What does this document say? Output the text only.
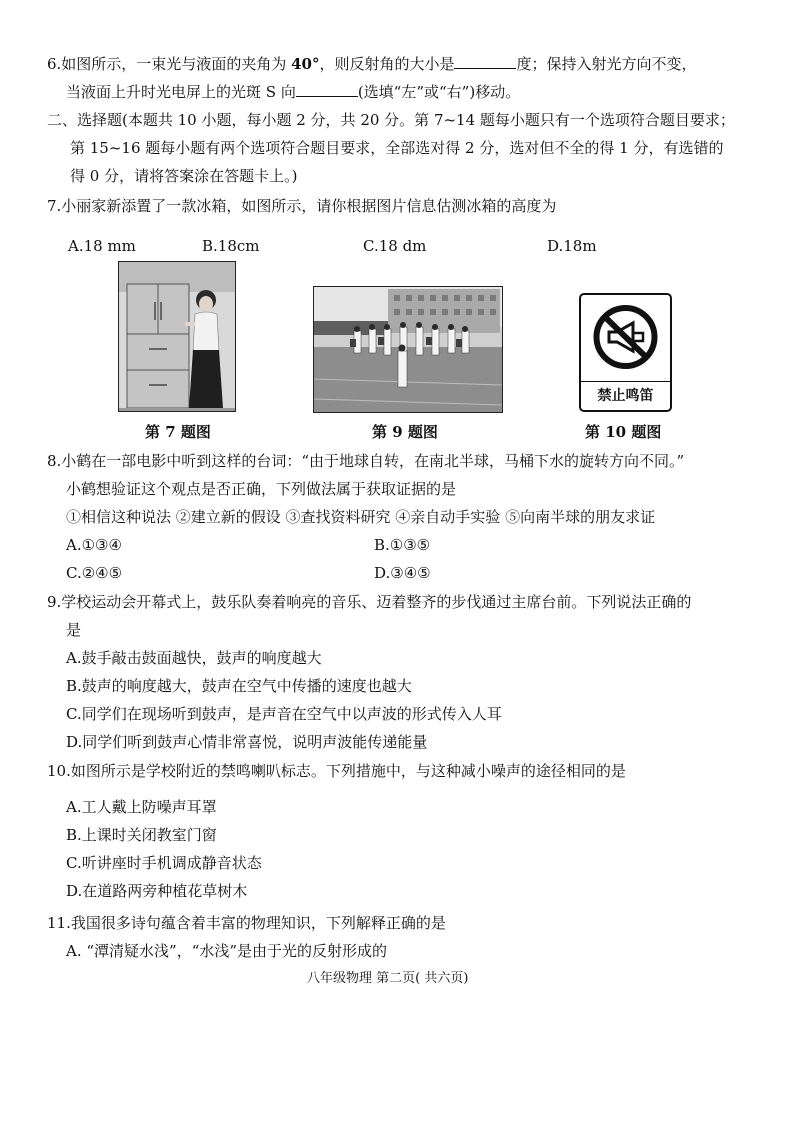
6.如图所示，一束光与液面的夹角为 40°，则反射角的大小是	度；保持入射光方向不变，
当液面上升时光电屏上的光斑 S 向	(选填“左”或“右”)移动。
二、选择题(本题共 10 小题，每小题 2 分，共 20 分。第 7~14 题每小题只有一个选项符合题目要求；
第 15~16 题每小题有两个选项符合题目要求，全部选对得 2 分，选对但不全的得 1 分，有选错的
得 0 分，请将答案涂在答题卡上。)
7.小丽家新添置了一款冰箱，如图所示，请你根据图片信息估测冰箱的高度为
A.18 mm	B.18cm	C.18 dm	D.18m
禁止鸣笛
第 7 题图	第 9 题图	第 10 题图
8.小鹤在一部电影中听到这样的台词：“由于地球自转，在南北半球，马桶下水的旋转方向不同。”
小鹤想验证这个观点是否正确，下列做法属于获取证据的是
①相信这种说法 ②建立新的假设 ③查找资料研究 ④亲自动手实验 ⑤向南半球的朋友求证
A.①③④	B.①③⑤
C.②④⑤	D.③④⑤
9.学校运动会开幕式上，鼓乐队奏着响亮的音乐、迈着整齐的步伐通过主席台前。下列说法正确的
是
A.鼓手敲击鼓面越快，鼓声的响度越大
B.鼓声的响度越大，鼓声在空气中传播的速度也越大
C.同学们在现场听到鼓声，是声音在空气中以声波的形式传入人耳
D.同学们听到鼓声心情非常喜悦，说明声波能传递能量
10.如图所示是学校附近的禁鸣喇叭标志。下列措施中，与这种减小噪声的途径相同的是
A.工人戴上防噪声耳罩
B.上课时关闭教室门窗
C.听讲座时手机调成静音状态
D.在道路两旁种植花草树木
11.我国很多诗句蕴含着丰富的物理知识，下列解释正确的是
A. “潭清疑水浅”，“水浅”是由于光的反射形成的
八年级物理 第二页( 共六页)
